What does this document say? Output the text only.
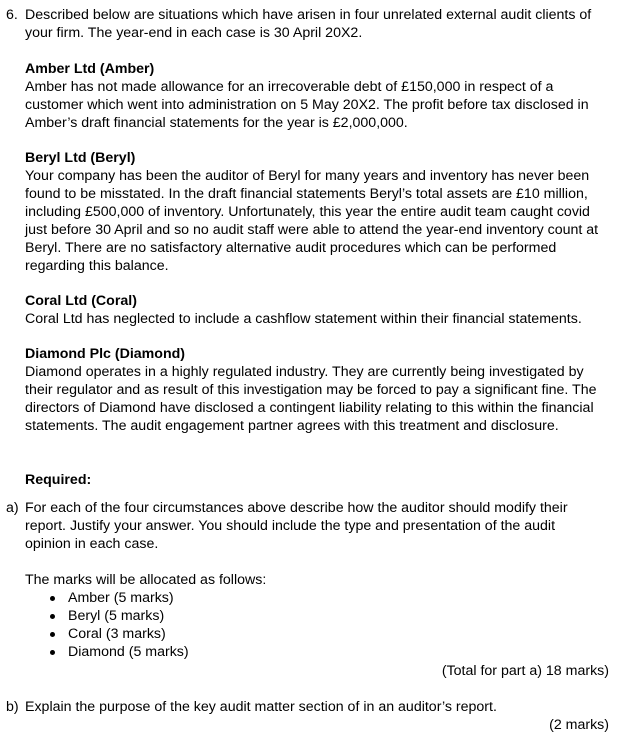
6. Described below are situations which have arisen in four unrelated external audit clients of
your firm. The year-end in each case is 30 April 20X2.
Amber Ltd (Amber)
Amber has not made allowance for an irrecoverable debt of £150,000 in respect of a
customer which went into administration on 5 May 20X2. The profit before tax disclosed in
Amber’s draft financial statements for the year is £2,000,000.
Beryl Ltd (Beryl)
Your company has been the auditor of Beryl for many years and inventory has never been
found to be misstated. In the draft financial statements Beryl’s total assets are £10 million,
including £500,000 of inventory. Unfortunately, this year the entire audit team caught covid
just before 30 April and so no audit staff were able to attend the year-end inventory count at
Beryl. There are no satisfactory alternative audit procedures which can be performed
regarding this balance.
Coral Ltd (Coral)
Coral Ltd has neglected to include a cashflow statement within their financial statements.
Diamond Plc (Diamond)
Diamond operates in a highly regulated industry. They are currently being investigated by
their regulator and as result of this investigation may be forced to pay a significant fine. The
directors of Diamond have disclosed a contingent liability relating to this within the financial
statements. The audit engagement partner agrees with this treatment and disclosure.
Required:
a) For each of the four circumstances above describe how the auditor should modify their
report. Justify your answer. You should include the type and presentation of the audit
opinion in each case.
The marks will be allocated as follows:
Amber (5 marks)
Beryl (5 marks)
Coral (3 marks)
Diamond (5 marks)
(Total for part a) 18 marks)
b) Explain the purpose of the key audit matter section of in an auditor’s report.
(2 marks)
